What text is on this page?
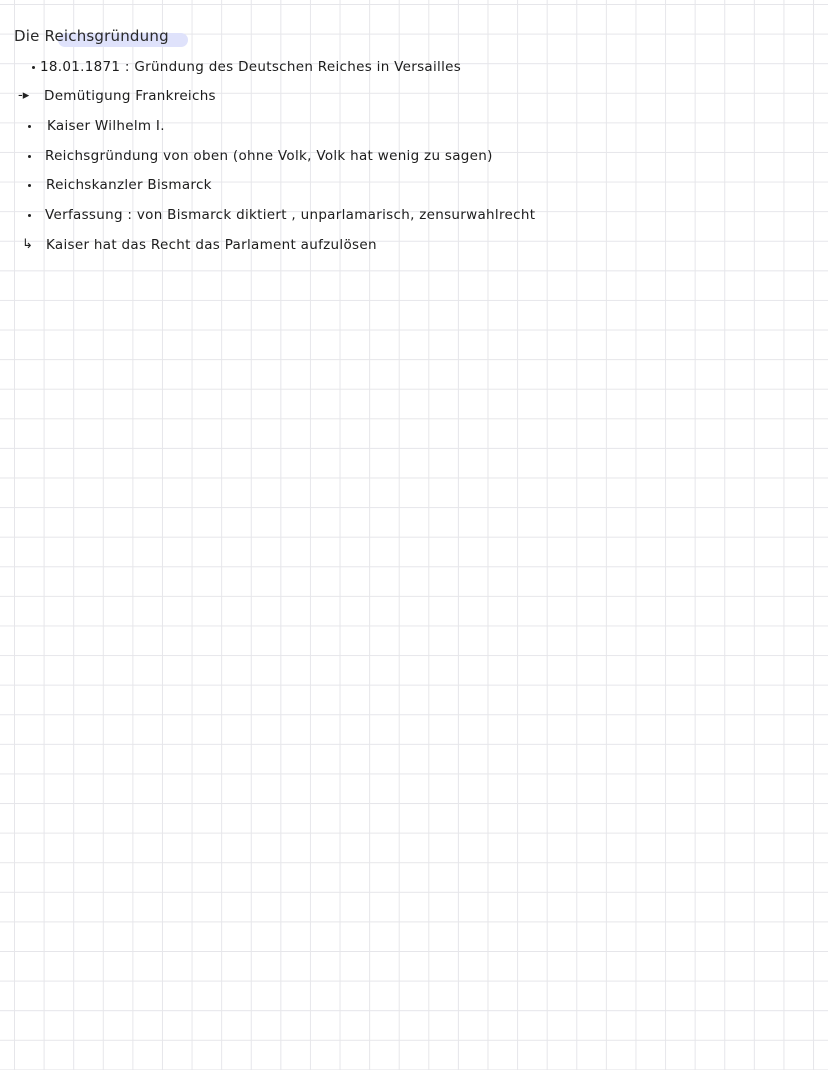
Die Reichsgründung
18.01.1871 : Gründung des Deutschen Reiches in Versailles
-▸ Demütigung Frankreichs
Kaiser Wilhelm I.
Reichsgründung von oben (ohne Volk, Volk hat wenig zu sagen)
Reichskanzler Bismarck
Verfassung : von Bismarck diktiert , unparlamarisch, zensurwahlrecht
↳ Kaiser hat das Recht das Parlament aufzulösen
